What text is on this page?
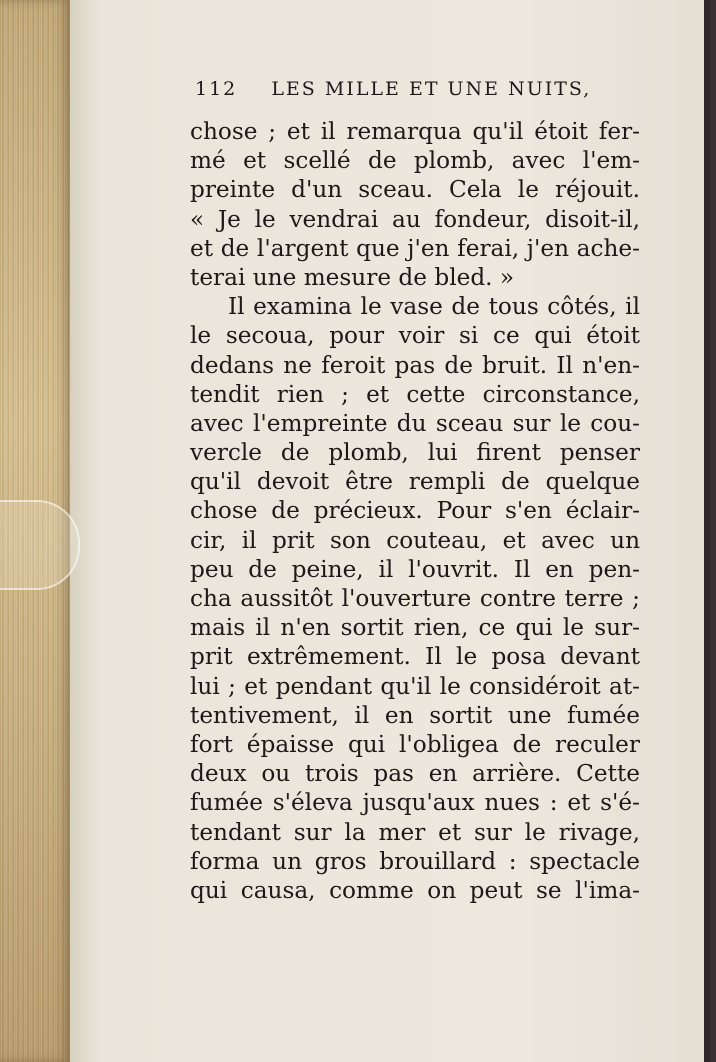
112 LES MILLE ET UNE NUITS,
chose ; et il remarqua qu'il étoit fer-
mé et scellé de plomb, avec l'em-
preinte d'un sceau. Cela le réjouit.
« Je le vendrai au fondeur, disoit-il,
et de l'argent que j'en ferai, j'en ache-
terai une mesure de bled. »
Il examina le vase de tous côtés, il
le secoua, pour voir si ce qui étoit
dedans ne feroit pas de bruit. Il n'en-
tendit rien ; et cette circonstance,
avec l'empreinte du sceau sur le cou-
vercle de plomb, lui firent penser
qu'il devoit être rempli de quelque
chose de précieux. Pour s'en éclair-
cir, il prit son couteau, et avec un
peu de peine, il l'ouvrit. Il en pen-
cha aussitôt l'ouverture contre terre ;
mais il n'en sortit rien, ce qui le sur-
prit extrêmement. Il le posa devant
lui ; et pendant qu'il le considéroit at-
tentivement, il en sortit une fumée
fort épaisse qui l'obligea de reculer
deux ou trois pas en arrière. Cette
fumée s'éleva jusqu'aux nues : et s'é-
tendant sur la mer et sur le rivage,
forma un gros brouillard : spectacle
qui causa, comme on peut se l'ima-
